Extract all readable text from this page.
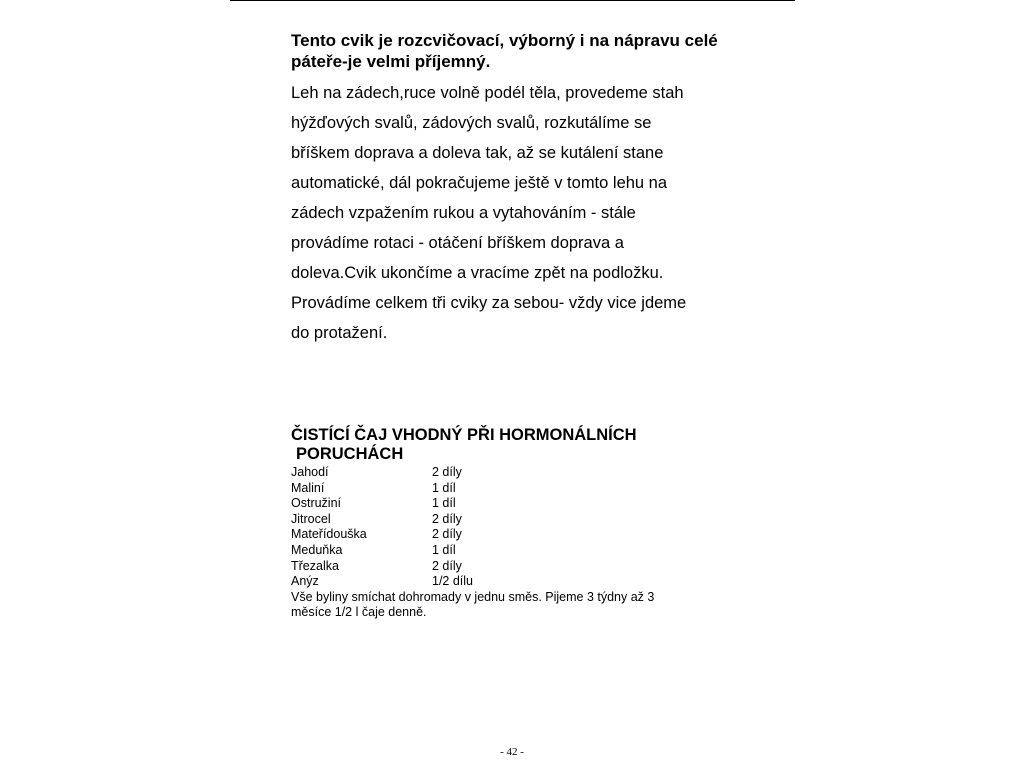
Tento cvik je rozcvičovací, výborný i na nápravu celé
páteře-je velmi příjemný.
Leh na zádech,ruce volně podél těla, provedeme stah
hýžďových svalů, zádových svalů, rozkutálíme se
bříškem doprava a doleva tak, až se kutálení stane
automatické, dál pokračujeme ještě v tomto lehu na
zádech vzpažením rukou a vytahováním - stále
provádíme rotaci - otáčení bříškem doprava a
doleva.Cvik ukončíme a vracíme zpět na podložku.
Provádíme celkem tři cviky za sebou- vždy vice jdeme
do protažení.
ČISTÍCÍ ČAJ VHODNÝ PŘI HORMONÁLNÍCH
PORUCHÁCH
Jahodí	2 díly
Maliní	1 díl
Ostružiní	1 díl
Jitrocel	2 díly
Mateřídouška	2 díly
Meduňka	1 díl
Třezalka	2 díly
Anýz	1/2 dílu
Vše byliny smíchat dohromady v jednu směs. Pijeme 3 týdny až 3
měsíce 1/2 l čaje denně.
- 42 -
